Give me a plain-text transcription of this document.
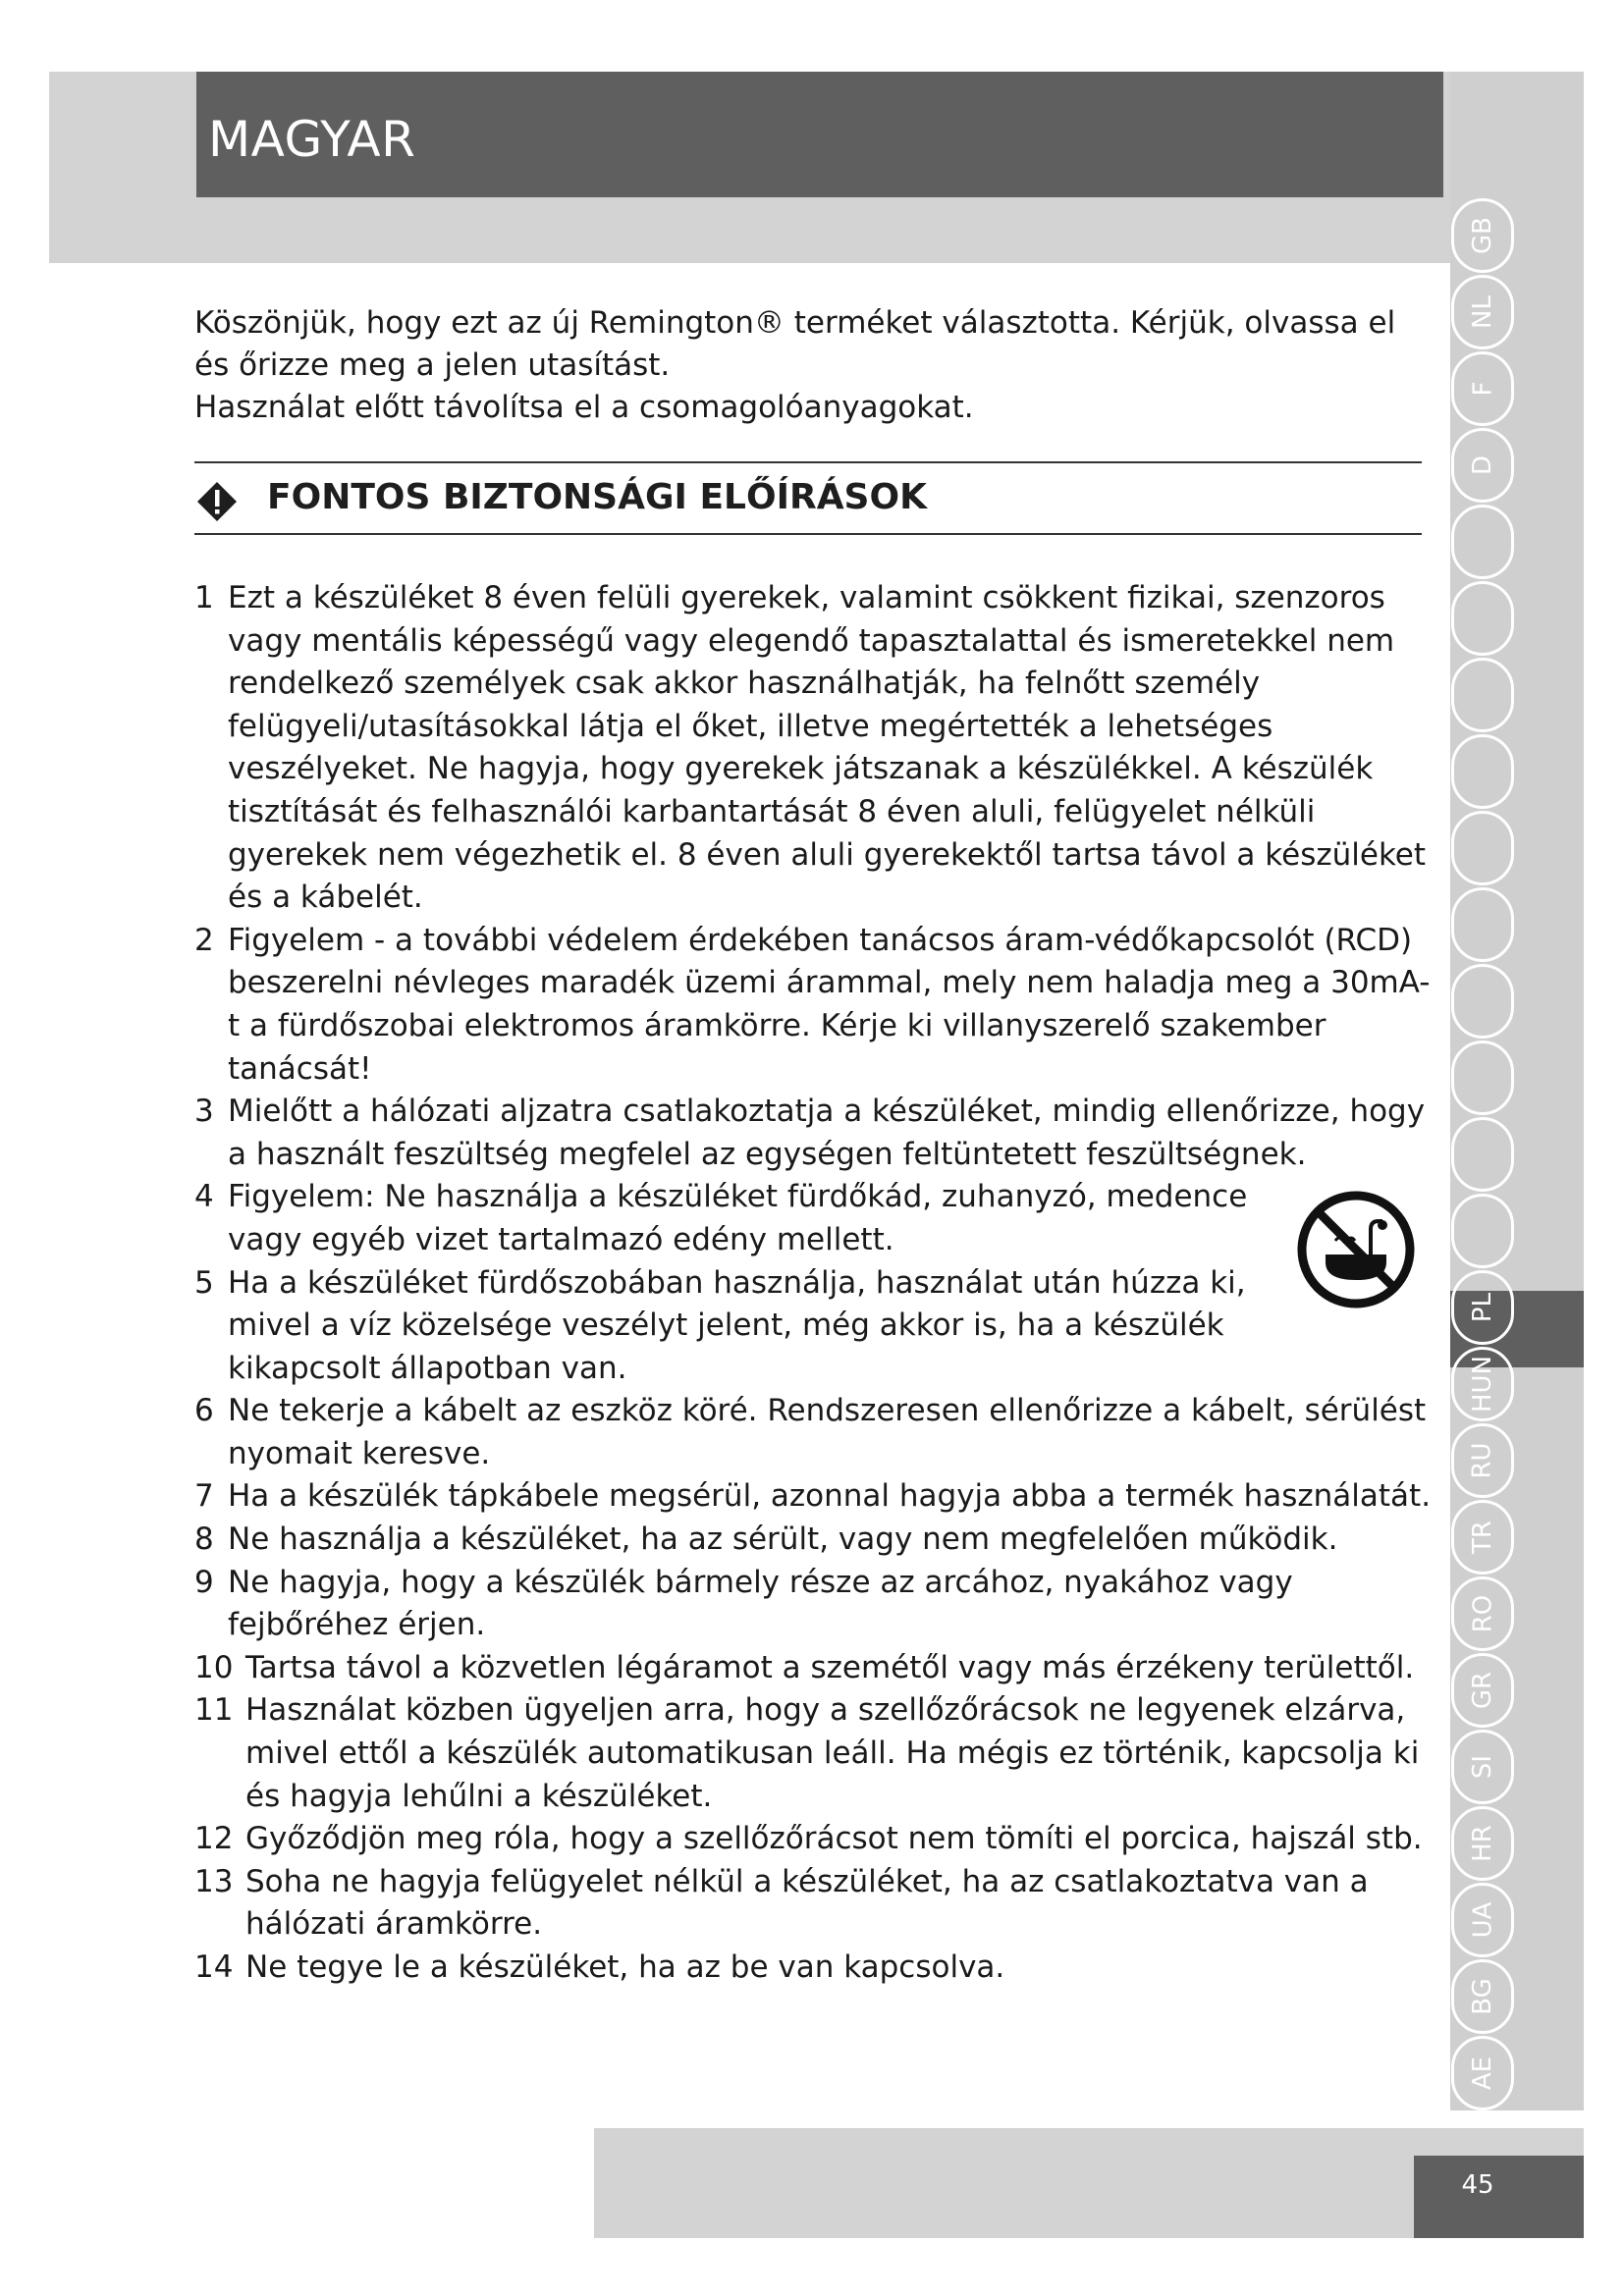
MAGYAR
GB
NL
F
D
PL
HUN
RU
TR
RO
GR
SI
HR
UA
BG
AE

Köszönjük, hogy ezt az új Remington® terméket választotta. Kérjük, olvassa el és őrizze meg a jelen utasítást.

Használat előtt távolítsa el a csomagolóanyagokat.

FONTOS BIZTONSÁGI ELŐÍRÁSOK
1 Ezt a készüléket 8 éven felüli gyerekek, valamint csökkent fizikai, szenzoros vagy mentális képességű vagy elegendő tapasztalattal és ismeretekkel nem rendelkező személyek csak akkor használhatják, ha felnőtt személy felügyeli/utasításokkal látja el őket, illetve megértették a lehetséges veszélyeket. Ne hagyja, hogy gyerekek játszanak a készülékkel. A készülék tisztítását és felhasználói karbantartását 8 éven aluli, felügyelet nélküli gyerekek nem végezhetik el. 8 éven aluli gyerekektől tartsa távol a készüléket és a kábelét.
2 Figyelem - a további védelem érdekében tanácsos áram-védőkapcsolót (RCD) beszerelni névleges maradék üzemi árammal, mely nem haladja meg a 30mA-t a fürdőszobai elektromos áramkörre. Kérje ki villanyszerelő szakember tanácsát!
3 Mielőtt a hálózati aljzatra csatlakoztatja a készüléket, mindig ellenőrizze, hogy a használt feszültség megfelel az egységen feltüntetett feszültségnek.
4 Figyelem: Ne használja a készüléket fürdőkád, zuhanyzó, medence vagy egyéb vizet tartalmazó edény mellett.
5 Ha a készüléket fürdőszobában használja, használat után húzza ki, mivel a víz közelsége veszélyt jelent, még akkor is, ha a készülék kikapcsolt állapotban van.
6 Ne tekerje a kábelt az eszköz köré. Rendszeresen ellenőrizze a kábelt, sérülést nyomait keresve.
7 Ha a készülék tápkábele megsérül, azonnal hagyja abba a termék használatát.
8 Ne használja a készüléket, ha az sérült, vagy nem megfelelően működik.
9 Ne hagyja, hogy a készülék bármely része az arcához, nyakához vagy fejbőréhez érjen.
10 Tartsa távol a közvetlen légáramot a szemétől vagy más érzékeny területtől.
11 Használat közben ügyeljen arra, hogy a szellőzőrácsok ne legyenek elzárva, mivel ettől a készülék automatikusan leáll. Ha mégis ez történik, kapcsolja ki és hagyja lehűlni a készüléket.
12 Győződjön meg róla, hogy a szellőzőrácsot nem tömíti el porcica, hajszál stb.
13 Soha ne hagyja felügyelet nélkül a készüléket, ha az csatlakoztatva van a hálózati áramkörre.
14 Ne tegye le a készüléket, ha az be van kapcsolva.
45
